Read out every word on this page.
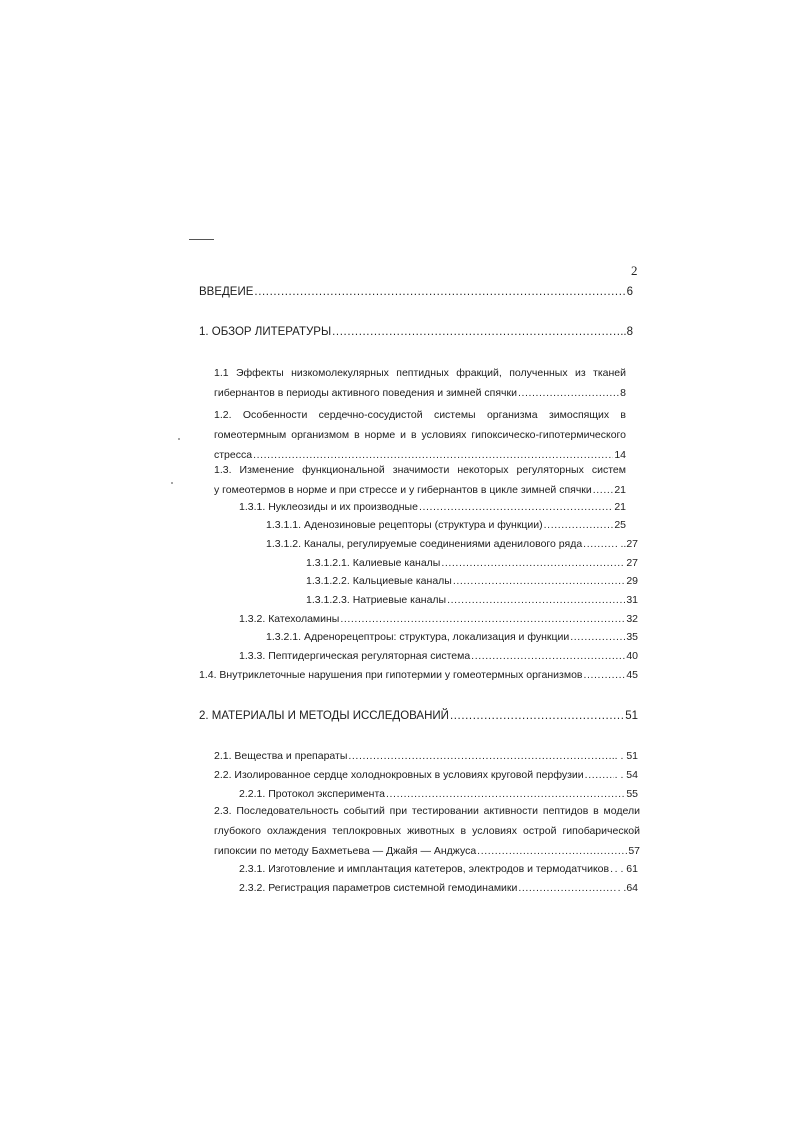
2
ВВЕДЕИЕ .....	6
1. ОБЗОР ЛИТЕРАТУРЫ .....	..8
1.1 Эффекты низкомолекулярных пептидных фракций, полученных из тканей
гибернантов в периоды активного поведения и зимней спячки .....	8
1.2. Особенности сердечно-сосудистой системы организма зимоспящих в
гомеотермным организмом в норме и в условиях гипоксическо-гипотермического
стресса .....	14
1.3. Изменение функциональной значимости некоторых регуляторных систем
у гомеотермов в норме и при стрессе и у гибернантов в цикле зимней спячки ..... 21
1.3.1. Нуклеозиды и их производные .....	21
1.3.1.1. Аденозиновые рецепторы (структура и функции) .....	25
1.3.1.2. Каналы, регулируемые соединениями аденилового ряда .....	..27
1.3.1.2.1. Калиевые каналы .....	27
1.3.1.2.2. Кальциевые каналы .....	29
1.3.1.2.3. Натриевые каналы .....	31
1.3.2. Катехоламины .....	32
1.3.2.1. Адренорецептроы: структура, локализация и функции .....	35
1.3.3. Пептидергическая регуляторная система .....	40
1.4. Внутриклеточные нарушения при гипотермии у гомеотермных организмов .....	45
2. МАТЕРИАЛЫ И МЕТОДЫ ИССЛЕДОВАНИЙ .....	51
2.1. Вещества и препараты .....	.. . 51
2.2. Изолированное сердце холоднокровных в условиях круговой перфузии .....	. . 54
2.2.1. Протокол эксперимента .....	55
2.3. Последовательность событий при тестировании активности пептидов в модели
глубокого охлаждения теплокровных животных в условиях острой гипобарической
гипоксии по методу Бахметьева — Джайя — Анджуса .....	57
2.3.1. Изготовление и имплантация катетеров, электродов и термодатчиков ..... . . 61
2.3.2. Регистрация параметров системной гемодинамики .....	. .64
